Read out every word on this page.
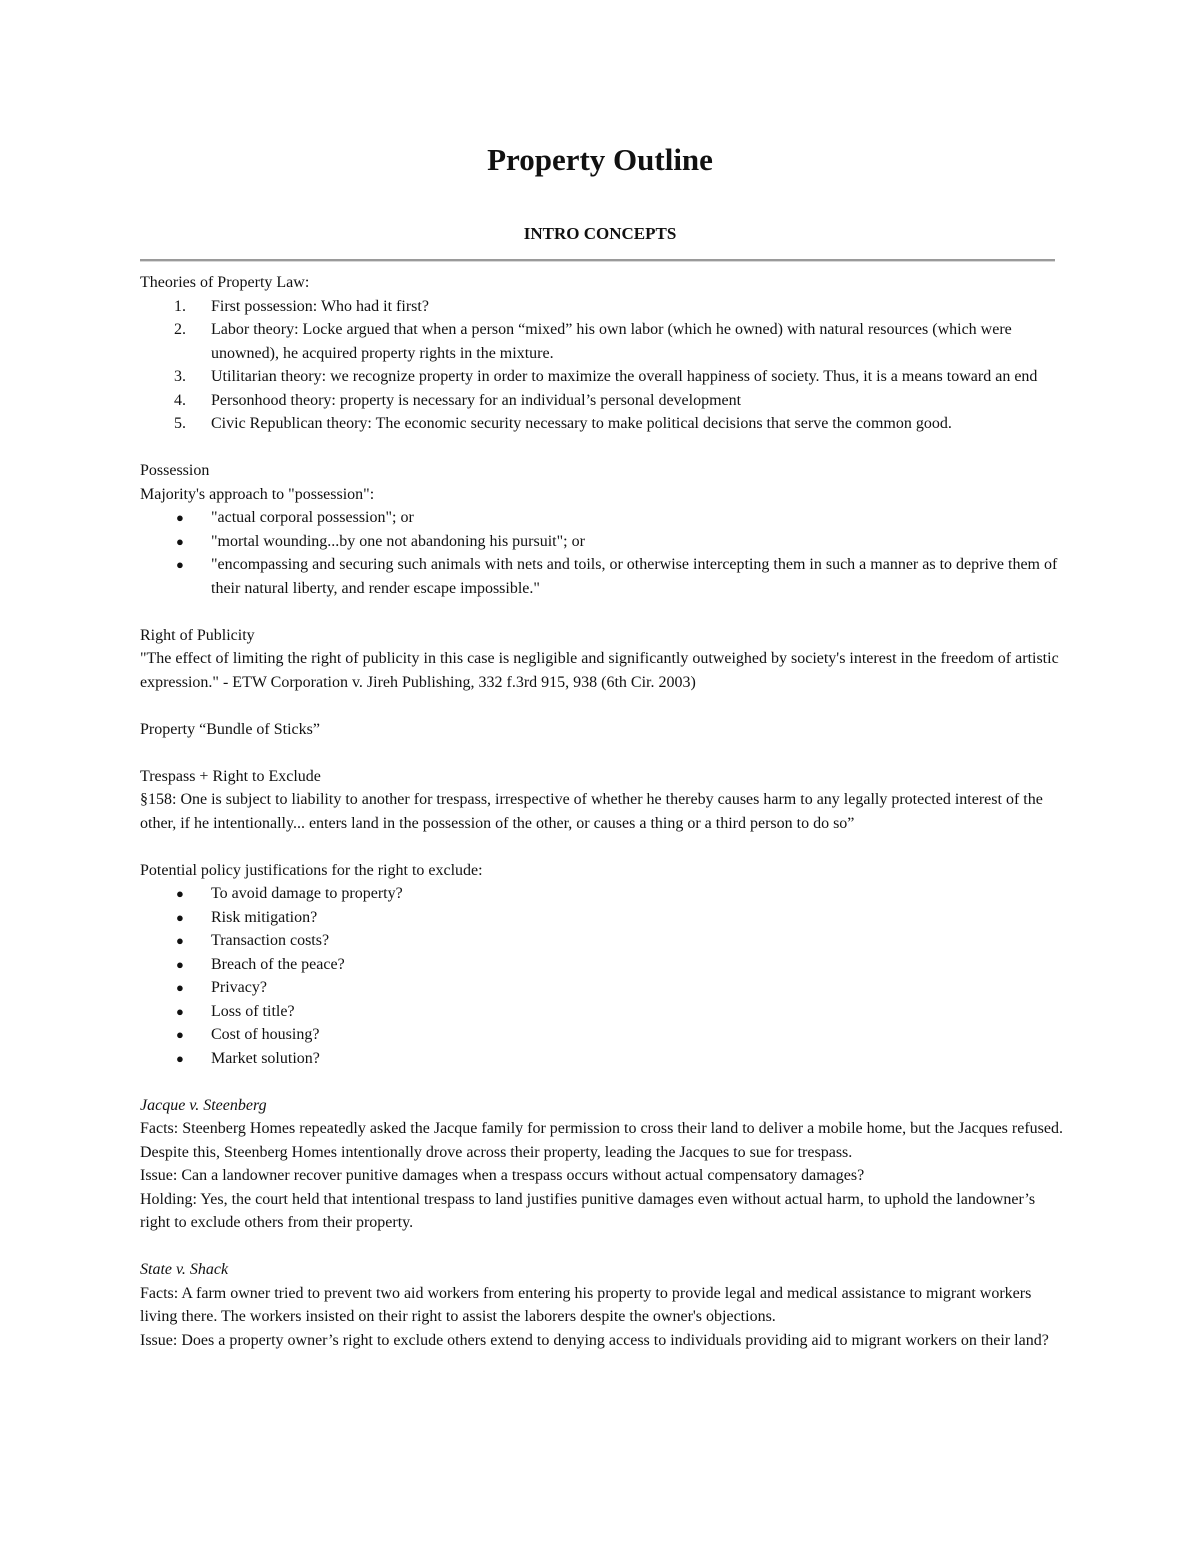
Property Outline
INTRO CONCEPTS
Theories of Property Law:
1. First possession: Who had it first?
2. Labor theory: Locke argued that when a person “mixed” his own labor (which he owned) with natural resources (which were unowned), he acquired property rights in the mixture.
3. Utilitarian theory: we recognize property in order to maximize the overall happiness of society. Thus, it is a means toward an end
4. Personhood theory: property is necessary for an individual’s personal development
5. Civic Republican theory: The economic security necessary to make political decisions that serve the common good.
Possession
Majority's approach to "possession":
● "actual corporal possession"; or
● "mortal wounding...by one not abandoning his pursuit"; or
● "encompassing and securing such animals with nets and toils, or otherwise intercepting them in such a manner as to deprive them of their natural liberty, and render escape impossible."
Right of Publicity
"The effect of limiting the right of publicity in this case is negligible and significantly outweighed by society's interest in the freedom of artistic expression." - ETW Corporation v. Jireh Publishing, 332 f.3rd 915, 938 (6th Cir. 2003)
Property “Bundle of Sticks”
Trespass + Right to Exclude
§158: One is subject to liability to another for trespass, irrespective of whether he thereby causes harm to any legally protected interest of the other, if he intentionally... enters land in the possession of the other, or causes a thing or a third person to do so”
Potential policy justifications for the right to exclude:
● To avoid damage to property?
● Risk mitigation?
● Transaction costs?
● Breach of the peace?
● Privacy?
● Loss of title?
● Cost of housing?
● Market solution?
Jacque v. Steenberg
Facts: Steenberg Homes repeatedly asked the Jacque family for permission to cross their land to deliver a mobile home, but the Jacques refused. Despite this, Steenberg Homes intentionally drove across their property, leading the Jacques to sue for trespass.
Issue: Can a landowner recover punitive damages when a trespass occurs without actual compensatory damages?
Holding: Yes, the court held that intentional trespass to land justifies punitive damages even without actual harm, to uphold the landowner’s right to exclude others from their property.
State v. Shack
Facts: A farm owner tried to prevent two aid workers from entering his property to provide legal and medical assistance to migrant workers living there. The workers insisted on their right to assist the laborers despite the owner's objections.
Issue: Does a property owner’s right to exclude others extend to denying access to individuals providing aid to migrant workers on their land?
